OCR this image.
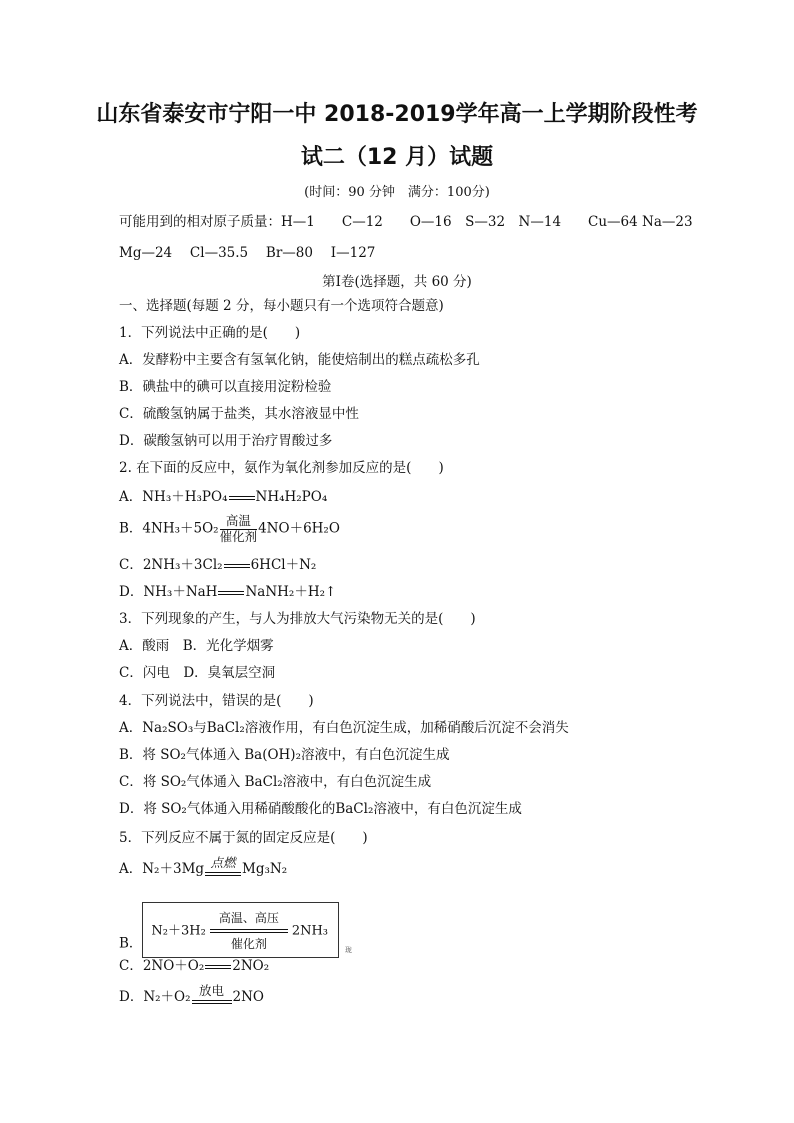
山东省泰安市宁阳一中 2018-2019学年高一上学期阶段性考
试二（12 月）试题
(时间：90 分钟　满分：100分)
可能用到的相对原子质量：H—1　　C—12　　O—16　S—32　N—14　　Cu—64 Na—23
Mg—24　 Cl—35.5　 Br—80　 I—127
第Ⅰ卷(选择题，共 60 分)
一、选择题(每题 2 分，每小题只有一个选项符合题意)
1．下列说法中正确的是(　　)
A．发酵粉中主要含有氢氧化钠，能使焙制出的糕点疏松多孔
B．碘盐中的碘可以直接用淀粉检验
C．硫酸氢钠属于盐类，其水溶液显中性
D．碳酸氢钠可以用于治疗胃酸过多
2. 在下面的反应中，氨作为氧化剂参加反应的是(　　)
A．NH₃＋H₃PO₄ NH₄H₂PO₄
B．$4NH_3+5O_2 \frac{\text{高温}}{\text{催化剂}} 4NO+6H_2O$
C．2NH₃＋3Cl₂ 6HCl＋N₂
D．NH₃＋NaH NaNH₂＋H₂↑
3．下列现象的产生，与人为排放大气污染物无关的是(　　)
A．酸雨　B．光化学烟雾
C．闪电　D．臭氧层空洞
4．下列说法中，错误的是(　　)
A．Na₂SO₃与BaCl₂溶液作用，有白色沉淀生成，加稀硝酸后沉淀不会消失
B．将 SO₂气体通入 Ba(OH)₂溶液中，有白色沉淀生成
C．将 SO₂气体通入 BaCl₂溶液中，有白色沉淀生成
D．将 SO₂气体通入用稀硝酸酸化的BaCl₂溶液中，有白色沉淀生成
5．下列反应不属于氮的固定反应是(　　)
A．N₂＋3Mg 点燃 Mg₃N₂
B．N₂＋3H₂高温、高压
催化剂$2NH_3_珑$
C．2NO＋O₂ 2NO₂
D．N₂＋O₂ 放电 2NO
